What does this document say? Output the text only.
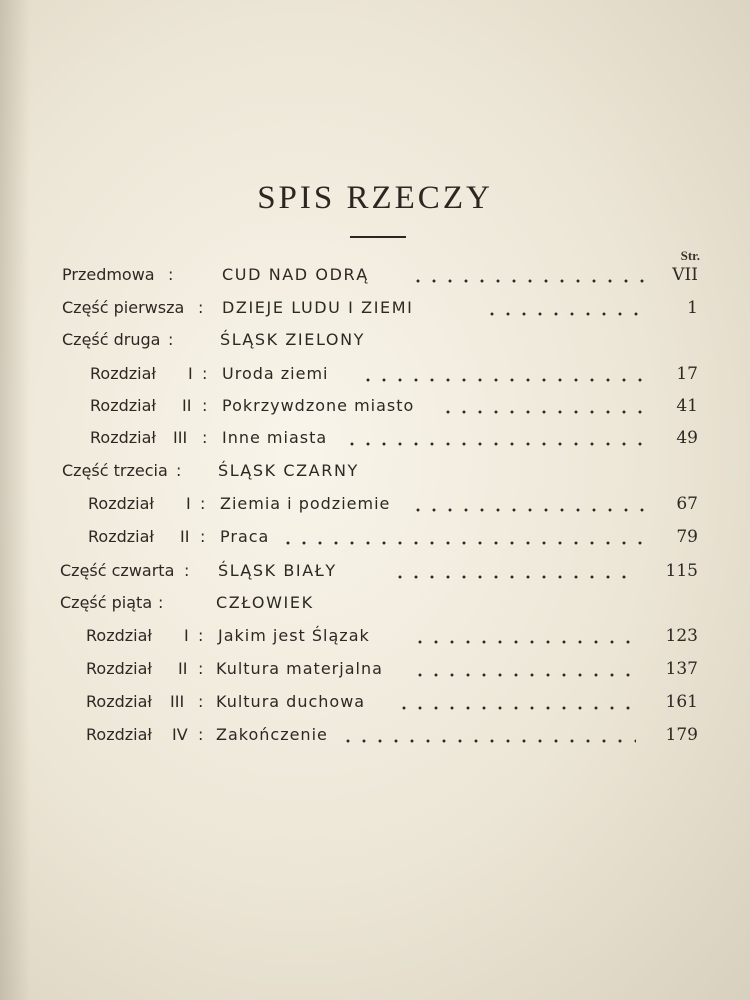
SPIS RZECZY
Str.
Przedmowa :	CUD NAD ODRĄ	VII
Część pierwsza : DZIEJE LUDU I ZIEMI	1
Część druga :	ŚLĄSK ZIELONY
Rozdział I : Uroda ziemi	17
Rozdział II : Pokrzywdzone miasto	41
Rozdział III : Inne miasta	49
Część trzecia : ŚLĄSK CZARNY
Rozdział I : Ziemia i podziemie	67
Rozdział II : Praca	79
Część czwarta : ŚLĄSK BIAŁY	115
Część piąta :	CZŁOWIEK
Rozdział I : Jakim jest Ślązak	123
Rozdział II : Kultura materjalna	137
Rozdział III : Kultura duchowa	161
Rozdział IV : Zakończenie	179
